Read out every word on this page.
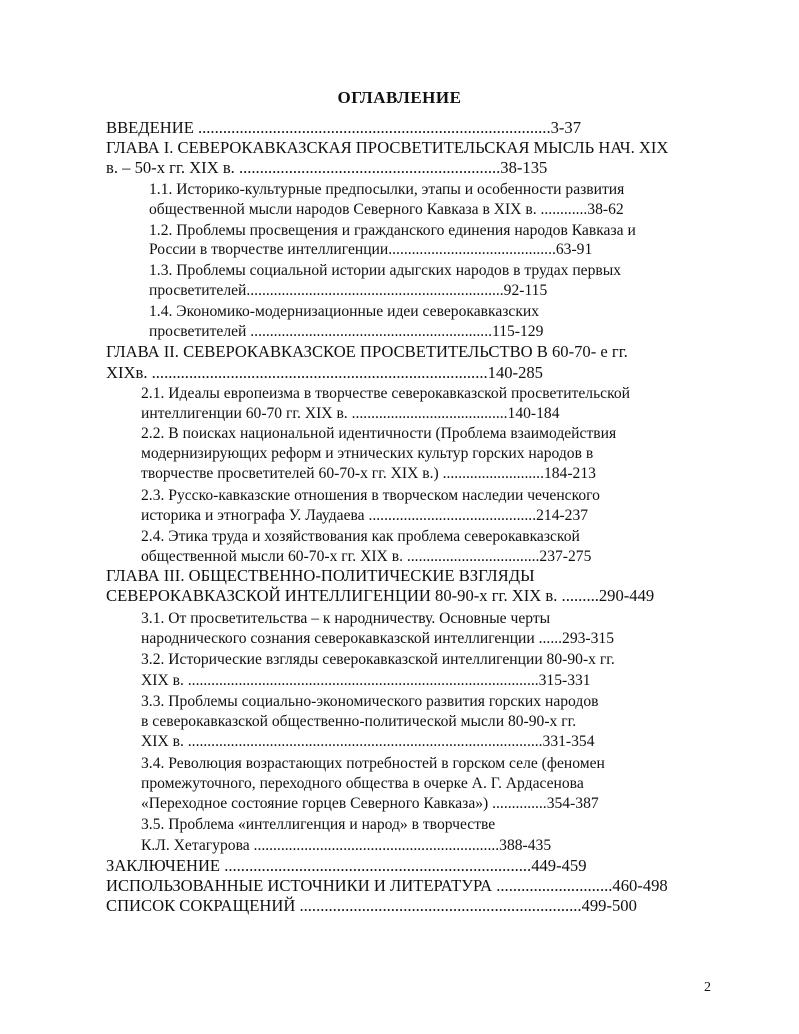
ОГЛАВЛЕНИЕ
ВВЕДЕНИЕ .....................................................................................3-37
ГЛАВА I. СЕВЕРОКАВКАЗСКАЯ ПРОСВЕТИТЕЛЬСКАЯ МЫСЛЬ НАЧ. XIX
в. – 50-х гг. XIX в. ...............................................................38-135
1.1. Историко-культурные предпосылки, этапы и особенности развития
общественной мысли народов Северного Кавказа в XIX в. ............38-62
1.2. Проблемы просвещения и гражданского единения народов Кавказа и
России в творчестве интеллигенции...........................................63-91
1.3. Проблемы социальной истории адыгских народов в трудах первых
просветителей..................................................................92-115
1.4. Экономико-модернизационные идеи северокавказских
просветителей ..............................................................115-129
ГЛАВА II. СЕВЕРОКАВКАЗСКОЕ ПРОСВЕТИТЕЛЬСТВО В 60-70- е гг.
XIXв. .................................................................................140-285
2.1. Идеалы европеизма в творчестве северокавказской просветительской
интеллигенции 60-70 гг. XIX в. ........................................140-184
2.2. В поисках национальной идентичности (Проблема взаимодействия
модернизирующих реформ и этнических культур горских народов в
творчестве просветителей 60-70-х гг. XIX в.) ..........................184-213
2.3. Русско-кавказские отношения в творческом наследии чеченского
историка и этнографа У. Лаудаева ...........................................214-237
2.4. Этика труда и хозяйствования как проблема северокавказской
общественной мысли 60-70-х гг. XIX в. ..................................237-275
ГЛАВА III. ОБЩЕСТВЕННО-ПОЛИТИЧЕСКИЕ ВЗГЛЯДЫ
СЕВЕРОКАВКАЗСКОЙ ИНТЕЛЛИГЕНЦИИ 80-90-х гг. XIX в. .........290-449
3.1. От просветительства – к народничеству. Основные черты
народнического сознания северокавказской интеллигенции ......293-315
3.2. Исторические взгляды северокавказской интеллигенции 80-90-х гг.
XIX в. ..........................................................................................315-331
3.3. Проблемы социально-экономического развития горских народов
в северокавказской общественно-политической мысли 80-90-х гг.
XIX в. ...........................................................................................331-354
3.4. Революция возрастающих потребностей в горском селе (феномен
промежуточного, переходного общества в очерке А. Г. Ардасенова
«Переходное состояние горцев Северного Кавказа») ..............354-387
3.5. Проблема «интеллигенция и народ» в творчестве
К.Л. Хетагурова ...............................................................388-435
ЗАКЛЮЧЕНИЕ ..........................................................................449-459
ИСПОЛЬЗОВАННЫЕ ИСТОЧНИКИ И ЛИТЕРАТУРА ............................460-498
СПИСОК СОКРАЩЕНИЙ ....................................................................499-500
2
